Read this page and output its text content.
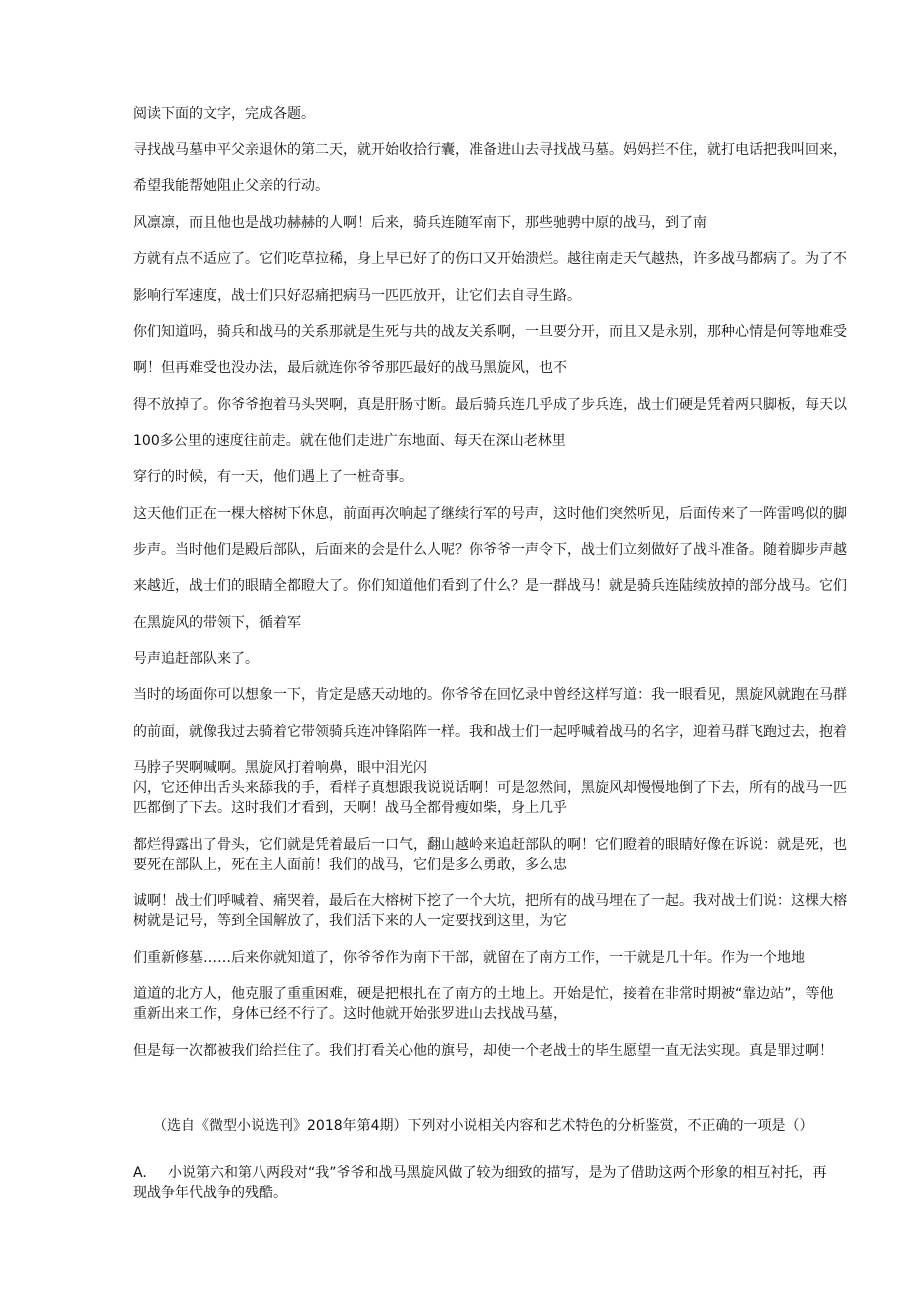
阅读下面的文字，完成各题。
寻找战马墓申平父亲退休的第二天，就开始收拾行囊，准备进山去寻找战马墓。妈妈拦不住，就打电话把我叫回来，
希望我能帮她阻止父亲的行动。
风凛凛，而且他也是战功赫赫的人啊！后来，骑兵连随军南下，那些驰骋中原的战马，到了南
方就有点不适应了。它们吃草拉稀，身上早已好了的伤口又开始溃烂。越往南走天气越热，许多战马都病了。为了不
影响行军速度，战士们只好忍痛把病马一匹匹放开，让它们去自寻生路。
你们知道吗，骑兵和战马的关系那就是生死与共的战友关系啊，一旦要分开，而且又是永别，那种心情是何等地难受
啊！但再难受也没办法，最后就连你爷爷那匹最好的战马黑旋风，也不
得不放掉了。你爷爷抱着马头哭啊，真是肝肠寸断。最后骑兵连几乎成了步兵连，战士们硬是凭着两只脚板，每天以
100多公里的速度往前走。就在他们走进广东地面、每天在深山老林里
穿行的时候，有一天，他们遇上了一桩奇事。
这天他们正在一棵大榕树下休息，前面再次响起了继续行军的号声，这时他们突然听见，后面传来了一阵雷鸣似的脚
步声。当时他们是殿后部队，后面来的会是什么人呢？你爷爷一声令下，战士们立刻做好了战斗准备。随着脚步声越
来越近，战士们的眼睛全都瞪大了。你们知道他们看到了什么？是一群战马！就是骑兵连陆续放掉的部分战马。它们
在黑旋风的带领下，循着军
号声追赶部队来了。
当时的场面你可以想象一下，肯定是感天动地的。你爷爷在回忆录中曾经这样写道：我一眼看见，黑旋风就跑在马群
的前面，就像我过去骑着它带领骑兵连冲锋陷阵一样。我和战士们一起呼喊着战马的名字，迎着马群飞跑过去，抱着
马脖子哭啊喊啊。黑旋风打着响鼻，眼中泪光闪
闪，它还伸出舌头来舔我的手，看样子真想跟我说说话啊！可是忽然间，黑旋风却慢慢地倒了下去，所有的战马一匹
匹都倒了下去。这时我们才看到，天啊！战马全都骨瘦如柴，身上几乎
都烂得露出了骨头，它们就是凭着最后一口气，翻山越岭来追赶部队的啊！它们瞪着的眼睛好像在诉说：就是死，也
要死在部队上，死在主人面前！我们的战马，它们是多么勇敢，多么忠
诚啊！战士们呼喊着、痛哭着，最后在大榕树下挖了一个大坑，把所有的战马埋在了一起。我对战士们说：这棵大榕
树就是记号，等到全国解放了，我们活下来的人一定要找到这里，为它
们重新修墓……后来你就知道了，你爷爷作为南下干部，就留在了南方工作，一干就是几十年。作为一个地地
道道的北方人，他克服了重重困难，硬是把根扎在了南方的土地上。开始是忙，接着在非常时期被“靠边站”，等他
重新出来工作，身体已经不行了。这时他就开始张罗进山去找战马墓，
但是每一次都被我们给拦住了。我们打看关心他的旗号，却使一个老战士的毕生愿望一直无法实现。真是罪过啊！
（选自《微型小说选刊》2018年第4期）下列对小说相关内容和艺术特色的分析鉴赏，不正确的一项是（）
A. 小说第六和第八两段对“我”爷爷和战马黑旋风做了较为细致的描写，是为了借助这两个形象的相互衬托，再
现战争年代战争的残酷。
